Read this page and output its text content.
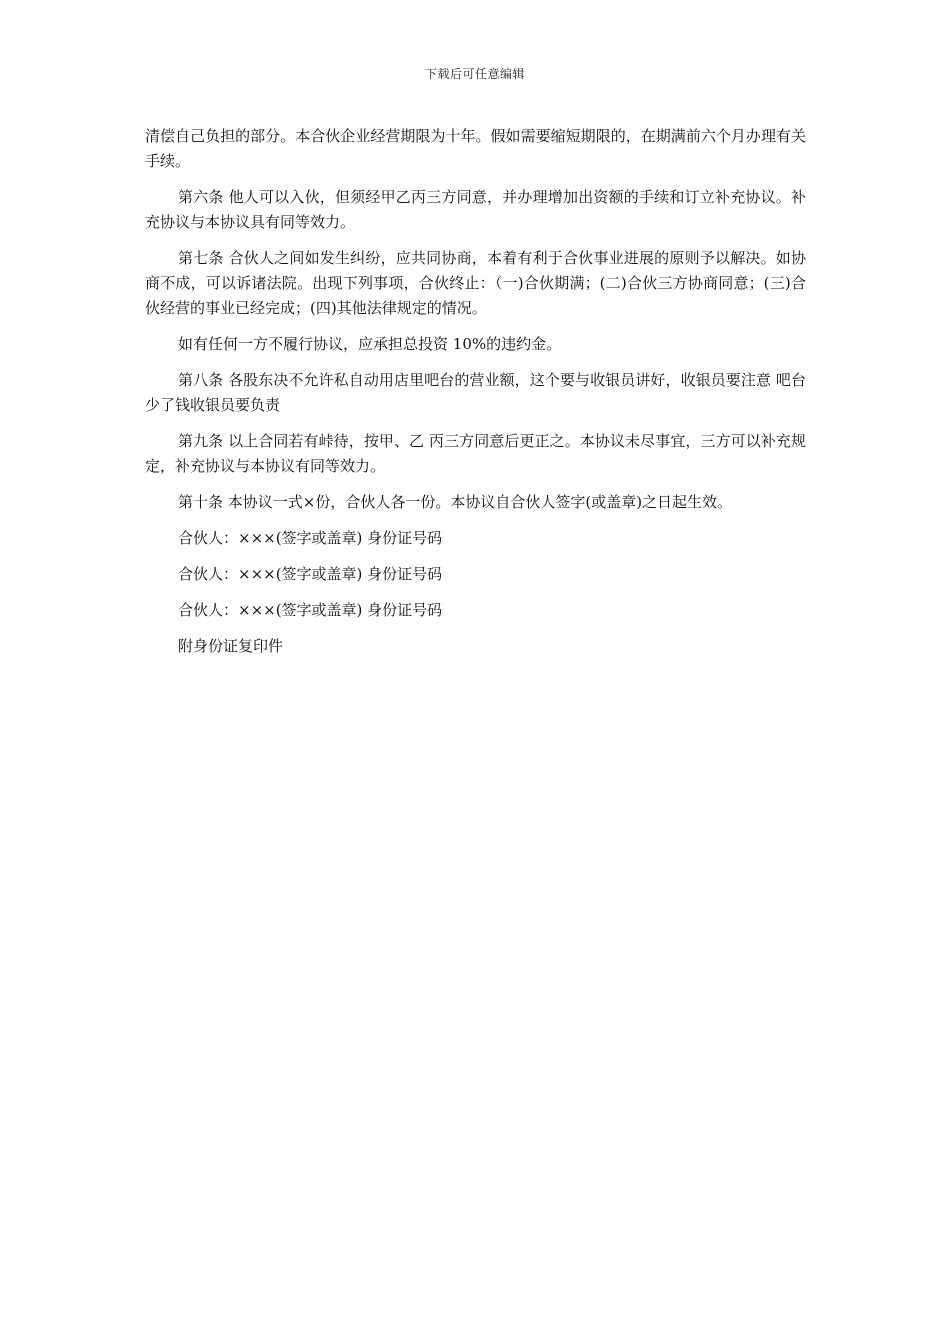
下载后可任意编辑

清偿自己负担的部分。本合伙企业经营期限为十年。假如需要缩短期限的，在期满前六个月办理有关手续。

第六条 他人可以入伙，但须经甲乙丙三方同意，并办理增加出资额的手续和订立补充协议。补充协议与本协议具有同等效力。

第七条 合伙人之间如发生纠纷，应共同协商，本着有利于合伙事业进展的原则予以解决。如协商不成，可以诉诸法院。出现下列事项，合伙终止：（一)合伙期满；(二)合伙三方协商同意；(三)合伙经营的事业已经完成；(四)其他法律规定的情况。

如有任何一方不履行协议，应承担总投资 10%的违约金。

第八条 各股东决不允许私自动用店里吧台的营业额，这个要与收银员讲好，收银员要注意 吧台少了钱收银员要负责

第九条 以上合同若有峠待，按甲、乙 丙三方同意后更正之。本协议未尽事宜，三方可以补充规定，补充协议与本协议有同等效力。

第十条 本协议一式×份，合伙人各一份。本协议自合伙人签字(或盖章)之日起生效。

合伙人：×××(签字或盖章) 身份证号码

合伙人：×××(签字或盖章) 身份证号码

合伙人：×××(签字或盖章) 身份证号码

附身份证复印件
